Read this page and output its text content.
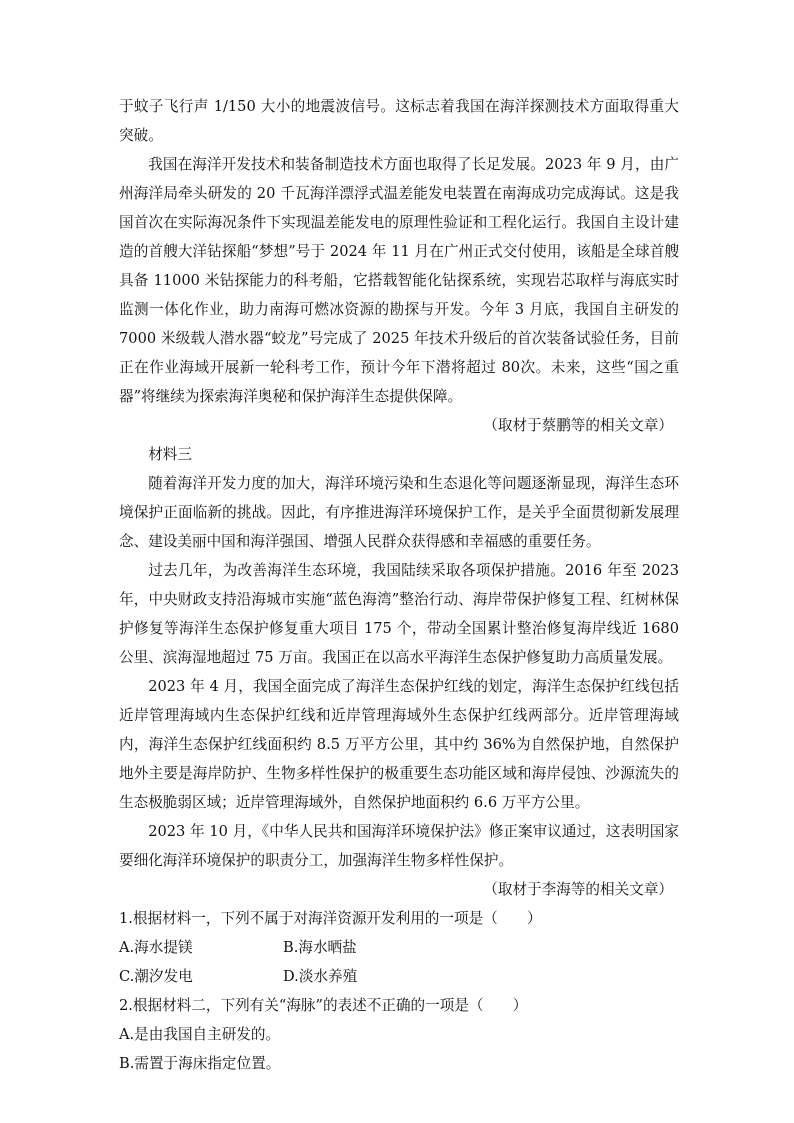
于蚊子飞行声 1/150 大小的地震波信号。这标志着我国在海洋探测技术方面取得重大突破。

我国在海洋开发技术和装备制造技术方面也取得了长足发展。2023 年 9 月，由广州海洋局牵头研发的 20 千瓦海洋漂浮式温差能发电装置在南海成功完成海试。这是我国首次在实际海况条件下实现温差能发电的原理性验证和工程化运行。我国自主设计建造的首艘大洋钻探船“梦想”号于 2024 年 11 月在广州正式交付使用，该船是全球首艘具备 11000 米钻探能力的科考船，它搭载智能化钻探系统，实现岩芯取样与海底实时监测一体化作业，助力南海可燃冰资源的勘探与开发。今年 3 月底，我国自主研发的 7000 米级载人潜水器“蛟龙”号完成了 2025 年技术升级后的首次装备试验任务，目前正在作业海域开展新一轮科考工作，预计今年下潜将超过 80次。未来，这些“国之重器”将继续为探索海洋奥秘和保护海洋生态提供保障。

（取材于蔡鹏等的相关文章）

材料三

随着海洋开发力度的加大，海洋环境污染和生态退化等问题逐渐显现，海洋生态环境保护正面临新的挑战。因此，有序推进海洋环境保护工作，是关乎全面贯彻新发展理念、建设美丽中国和海洋强国、增强人民群众获得感和幸福感的重要任务。

过去几年，为改善海洋生态环境，我国陆续采取各项保护措施。2016 年至 2023 年，中央财政支持沿海城市实施“蓝色海湾”整治行动、海岸带保护修复工程、红树林保护修复等海洋生态保护修复重大项目 175 个，带动全国累计整治修复海岸线近 1680 公里、滨海湿地超过 75 万亩。我国正在以高水平海洋生态保护修复助力高质量发展。

2023 年 4 月，我国全面完成了海洋生态保护红线的划定，海洋生态保护红线包括近岸管理海域内生态保护红线和近岸管理海域外生态保护红线两部分。近岸管理海域内，海洋生态保护红线面积约 8.5 万平方公里，其中约 36%为自然保护地，自然保护地外主要是海岸防护、生物多样性保护的极重要生态功能区域和海岸侵蚀、沙源流失的生态极脆弱区域；近岸管理海域外，自然保护地面积约 6.6 万平方公里。

2023 年 10 月，《中华人民共和国海洋环境保护法》修正案审议通过，这表明国家要细化海洋环境保护的职责分工，加强海洋生物多样性保护。

（取材于李海等的相关文章）

1.根据材料一，下列不属于对海洋资源开发利用的一项是（　　）

A.海水提镁	B.海水晒盐
C.潮汐发电	D.淡水养殖

2.根据材料二，下列有关“海脉”的表述不正确的一项是（　　）

A.是由我国自主研发的。

B.需置于海床指定位置。
